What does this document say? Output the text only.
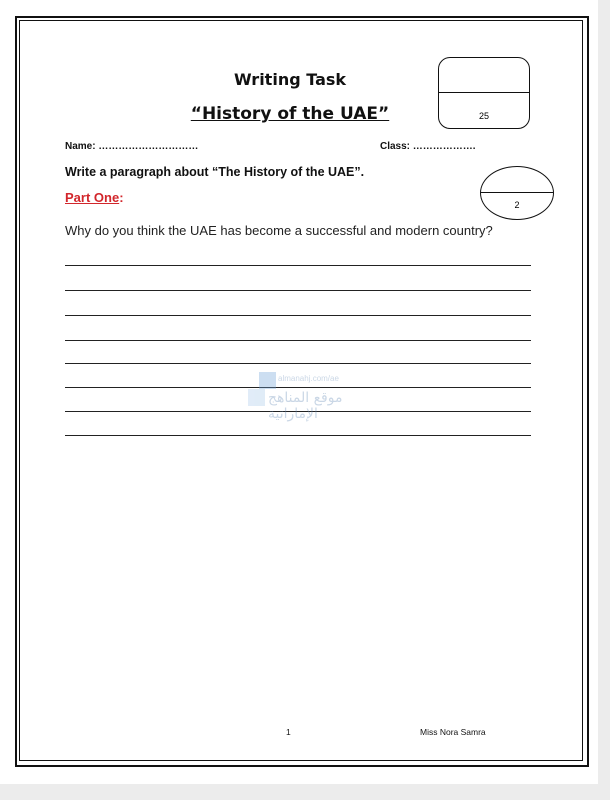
Writing Task
“History of the UAE”	25
Name: …………………………	Class: ……………….
Write a paragraph about “The History of the UAE”.
2
Part One:
Why do you think the UAE has become a successful and modern country?
almanahj.com/ae
موقع المناهج الإماراتية
1	Miss Nora Samra
